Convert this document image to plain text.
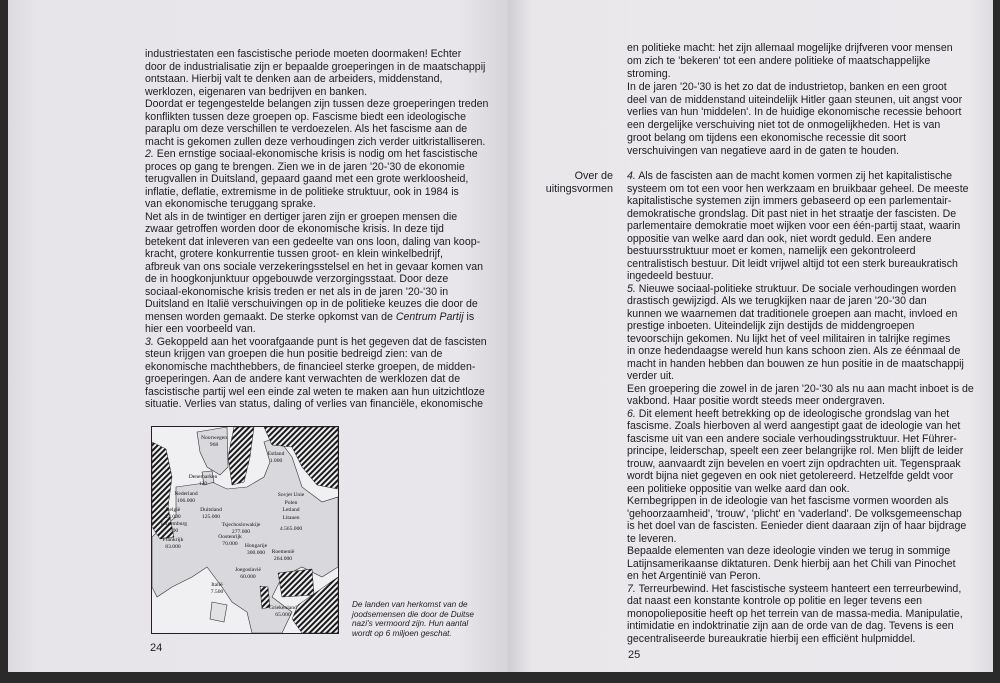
industriestaten een fascistische periode moeten doormaken! Echter
door de industrialisatie zijn er bepaalde groeperingen in de maatschappij
ontstaan. Hierbij valt te denken aan de arbeiders, middenstand,
werklozen, eigenaren van bedrijven en banken.
Doordat er tegengestelde belangen zijn tussen deze groeperingen treden
konflikten tussen deze groepen op. Fascisme biedt een ideologische
paraplu om deze verschillen te verdoezelen. Als het fascisme aan de
macht is gekomen zullen deze verhoudingen zich verder uitkristalliseren.
2. Een ernstige sociaal-ekonomische krisis is nodig om het fascistische
proces op gang te brengen. Zien we in de jaren '20-'30 de ekonomie
terugvallen in Duitsland, gepaard gaand met een grote werkloosheid,
inflatie, deflatie, extremisme in de politieke struktuur, ook in 1984 is
van ekonomische teruggang sprake.
Net als in de twintiger en dertiger jaren zijn er groepen mensen die
zwaar getroffen worden door de ekonomische krisis. In deze tijd
betekent dat inleveren van een gedeelte van ons loon, daling van koop-
kracht, grotere konkurrentie tussen groot- en klein winkelbedrijf,
afbreuk van ons sociale verzekeringsstelsel en het in gevaar komen van
de in hoogkonjunktuur opgebouwde verzorgingsstaat. Door deze
sociaal-ekonomische krisis treden er net als in de jaren '20-'30 in
Duitsland en Italië verschuivingen op in de politieke keuzes die door de
mensen worden gemaakt. De sterke opkomst van de Centrum Partij is
hier een voorbeeld van.
3. Gekoppeld aan het voorafgaande punt is het gegeven dat de fascisten
steun krijgen van groepen die hun positie bedreigd zien: van de
ekonomische machthebbers, de financieel sterke groepen, de midden-
groeperingen. Aan de andere kant verwachten de werklozen dat de
fascistische partij wel een einde zal weten te maken aan hun uitzichtloze
situatie. Verlies van status, daling of verlies van financiële, ekonomische
Noorwegen
968
Estland
1.000
Denemarken
120
Nederland
106.000
België
24.000
Luxemburg
700
Frankrijk
83.000
Duitsland
125.000
4.565.000
Tsjechoslowakije
277.000
Oostenrijk
70.000 Hongarije
300.000 Roemenië
264.000
Joegoslavië
60.000
Italië
7.500
Griekenland
65.000
Sovjet Unie Polen Letland Litauen
De landen van herkomst van de
joodsemensen die door de Duitse
nazi's vermoord zijn. Hun aantal
wordt op 6 miljoen geschat.
24
en politieke macht: het zijn allemaal mogelijke drijfveren voor mensen
om zich te 'bekeren' tot een andere politieke of maatschappelijke
stroming.
In de jaren '20-'30 is het zo dat de industrietop, banken en een groot
deel van de middenstand uiteindelijk Hitler gaan steunen, uit angst voor
verlies van hun 'middelen'. In de huidige ekonomische recessie behoort
een dergelijke verschuiving niet tot de onmogelijkheden. Het is van
groot belang om tijdens een ekonomische recessie dit soort
verschuivingen van negatieve aard in de gaten te houden.
Over de
uitingsvormen
4. Als de fascisten aan de macht komen vormen zij het kapitalistische
systeem om tot een voor hen werkzaam en bruikbaar geheel. De meeste
kapitalistische systemen zijn immers gebaseerd op een parlementair-
demokratische grondslag. Dit past niet in het straatje der fascisten. De
parlementaire demokratie moet wijken voor een één-partij staat, waarin
oppositie van welke aard dan ook, niet wordt geduld. Een andere
bestuursstruktuur moet er komen, namelijk een gekontroleerd
centralistisch bestuur. Dit leidt vrijwel altijd tot een sterk bureaukratisch
ingedeeld bestuur.
5. Nieuwe sociaal-politieke struktuur. De sociale verhoudingen worden
drastisch gewijzigd. Als we terugkijken naar de jaren '20-'30 dan
kunnen we waarnemen dat traditionele groepen aan macht, invloed en
prestige inboeten. Uiteindelijk zijn destijds de middengroepen
tevoorschijn gekomen. Nu lijkt het of veel militairen in talrijke regimes
in onze hedendaagse wereld hun kans schoon zien. Als ze éénmaal de
macht in handen hebben dan bouwen ze hun positie in de maatschappij
verder uit.
Een groepering die zowel in de jaren '20-'30 als nu aan macht inboet is de
vakbond. Haar positie wordt steeds meer ondergraven.
6. Dit element heeft betrekking op de ideologische grondslag van het
fascisme. Zoals hierboven al werd aangestipt gaat de ideologie van het
fascisme uit van een andere sociale verhoudingsstruktuur. Het Führer-
principe, leiderschap, speelt een zeer belangrijke rol. Men blijft de leider
trouw, aanvaardt zijn bevelen en voert zijn opdrachten uit. Tegenspraak
wordt bijna niet gegeven en ook niet getolereerd. Hetzelfde geldt voor
een politieke oppositie van welke aard dan ook.
Kernbegrippen in de ideologie van het fascisme vormen woorden als
'gehoorzaamheid', 'trouw', 'plicht' en 'vaderland'. De volksgemeenschap
is het doel van de fascisten. Eenieder dient daaraan zijn of haar bijdrage
te leveren.
Bepaalde elementen van deze ideologie vinden we terug in sommige
Latijnsamerikaanse diktaturen. Denk hierbij aan het Chili van Pinochet
en het Argentinië van Peron.
7. Terreurbewind. Het fascistische systeem hanteert een terreurbewind,
dat naast een konstante kontrole op politie en leger tevens een
monopoliepositie heeft op het terrein van de massa-media. Manipulatie,
intimidatie en indoktrinatie zijn aan de orde van de dag. Tevens is een
gecentraliseerde bureaukratie hierbij een efficiënt hulpmiddel.
25
